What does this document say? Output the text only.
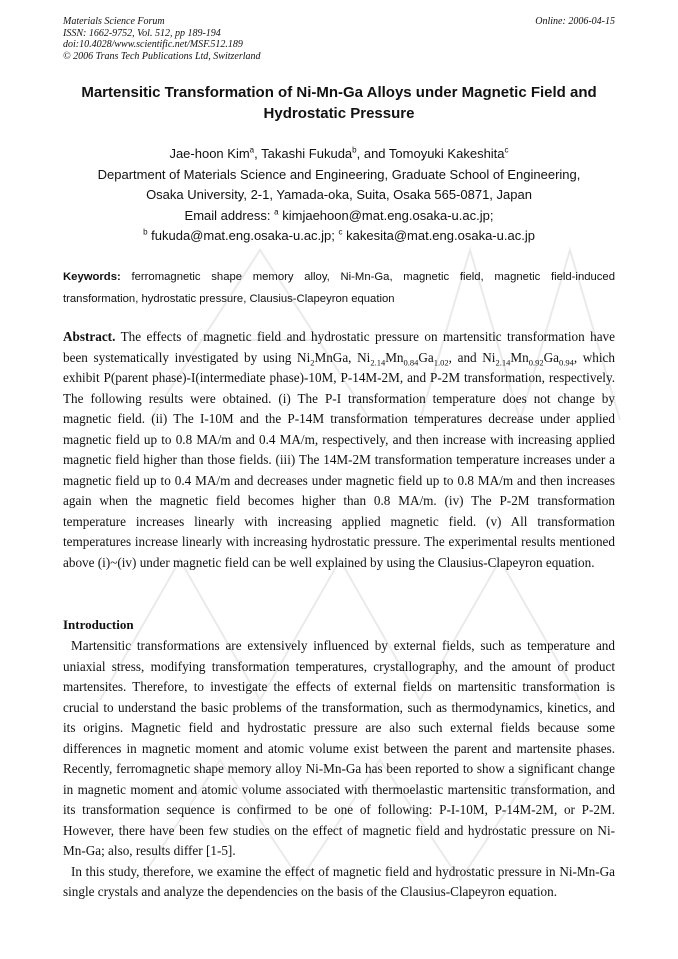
Materials Science Forum
ISSN: 1662-9752, Vol. 512, pp 189-194
doi:10.4028/www.scientific.net/MSF.512.189
© 2006 Trans Tech Publications Ltd, Switzerland
Online: 2006-04-15
Martensitic Transformation of Ni-Mn-Ga Alloys under Magnetic Field and Hydrostatic Pressure
Jae-hoon Kim$^a$, Takashi Fukuda$^b$, and Tomoyuki Kakeshita$^c$
Department of Materials Science and Engineering, Graduate School of Engineering,
Osaka University, 2-1, Yamada-oka, Suita, Osaka 565-0871, Japan
Email address: $^a$ kimjaehoon@mat.eng.osaka-u.ac.jp;
$^b$ fukuda@mat.eng.osaka-u.ac.jp; $^c$ kakesita@mat.eng.osaka-u.ac.jp
Keywords: ferromagnetic shape memory alloy, Ni-Mn-Ga, magnetic field, magnetic field-induced transformation, hydrostatic pressure, Clausius-Clapeyron equation
Abstract. The effects of magnetic field and hydrostatic pressure on martensitic transformation have been systematically investigated by using $Ni_2MnGa$, $Ni_{2.14}Mn_{0.84}Ga_{1.02}$, and $Ni_{2.14}Mn_{0.92}Ga_{0.94}$, which exhibit P(parent phase)-I(intermediate phase)-10M, P-14M-2M, and P-2M transformation, respectively. The following results were obtained. (i) The P-I transformation temperature does not change by magnetic field. (ii) The I-10M and the P-14M transformation temperatures decrease under applied magnetic field up to 0.8 MA/m and 0.4 MA/m, respectively, and then increase with increasing applied magnetic field higher than those fields. (iii) The 14M-2M transformation temperature increases under a magnetic field up to 0.4 MA/m and decreases under magnetic field up to 0.8 MA/m and then increases again when the magnetic field becomes higher than 0.8 MA/m. (iv) The P-2M transformation temperature increases linearly with increasing applied magnetic field. (v) All transformation temperatures increase linearly with increasing hydrostatic pressure. The experimental results mentioned above (i)~(iv) under magnetic field can be well explained by using the Clausius-Clapeyron equation.
Introduction

Martensitic transformations are extensively influenced by external fields, such as temperature and uniaxial stress, modifying transformation temperatures, crystallography, and the amount of product martensites. Therefore, to investigate the effects of external fields on martensitic transformation is crucial to understand the basic problems of the transformation, such as thermodynamics, kinetics, and its origins. Magnetic field and hydrostatic pressure are also such external fields because some differences in magnetic moment and atomic volume exist between the parent and martensite phases. Recently, ferromagnetic shape memory alloy Ni-Mn-Ga has been reported to show a significant change in magnetic moment and atomic volume associated with thermoelastic martensitic transformation, and its transformation sequence is confirmed to be one of following: P-I-10M, P-14M-2M, or P-2M. However, there have been few studies on the effect of magnetic field and hydrostatic pressure on Ni-Mn-Ga; also, results differ [1-5].

In this study, therefore, we examine the effect of magnetic field and hydrostatic pressure in Ni-Mn-Ga single crystals and analyze the dependencies on the basis of the Clausius-Clapeyron equation.
